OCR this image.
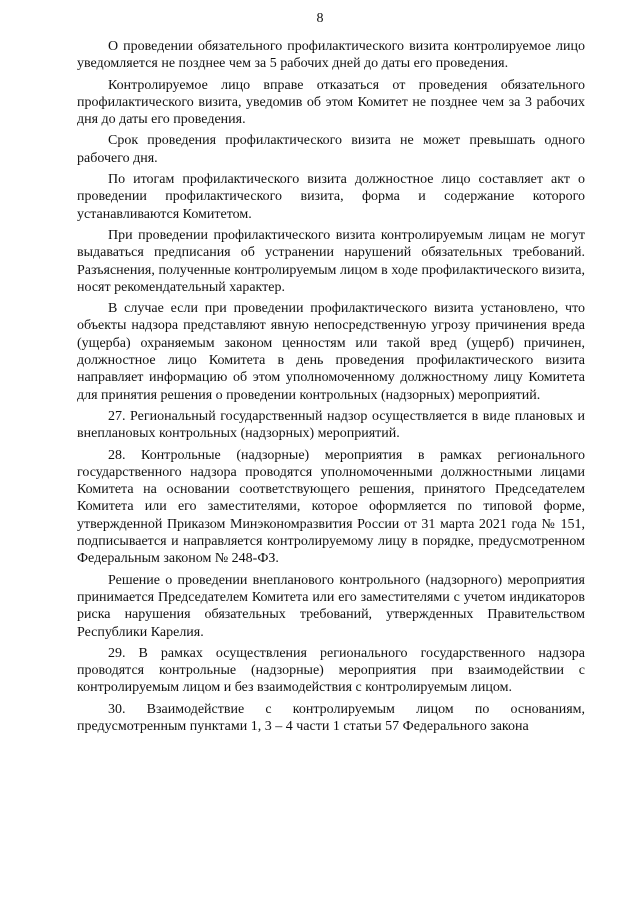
8

О проведении обязательного профилактического визита контролируемое лицо уведомляется не позднее чем за 5 рабочих дней до даты его проведения.

Контролируемое лицо вправе отказаться от проведения обязательного профилактического визита, уведомив об этом Комитет не позднее чем за 3 рабочих дня до даты его проведения.

Срок проведения профилактического визита не может превышать одного рабочего дня.

По итогам профилактического визита должностное лицо составляет акт о проведении профилактического визита, форма и содержание которого устанавливаются Комитетом.

При проведении профилактического визита контролируемым лицам не могут выдаваться предписания об устранении нарушений обязательных требований. Разъяснения, полученные контролируемым лицом в ходе профилактического визита, носят рекомендательный характер.

В случае если при проведении профилактического визита установлено, что объекты надзора представляют явную непосредственную угрозу причинения вреда (ущерба) охраняемым законом ценностям или такой вред (ущерб) причинен, должностное лицо Комитета в день проведения профилактического визита направляет информацию об этом уполномоченному должностному лицу Комитета для принятия решения о проведении контрольных (надзорных) мероприятий.

27. Региональный государственный надзор осуществляется в виде плановых и внеплановых контрольных (надзорных) мероприятий.

28. Контрольные (надзорные) мероприятия в рамках регионального государственного надзора проводятся уполномоченными должностными лицами Комитета на основании соответствующего решения, принятого Председателем Комитета или его заместителями, которое оформляется по типовой форме, утвержденной Приказом Минэкономразвития России от 31 марта 2021 года № 151, подписывается и направляется контролируемому лицу в порядке, предусмотренном Федеральным законом № 248-ФЗ.

Решение о проведении внепланового контрольного (надзорного) мероприятия принимается Председателем Комитета или его заместителями с учетом индикаторов риска нарушения обязательных требований, утвержденных Правительством Республики Карелия.

29. В рамках осуществления регионального государственного надзора проводятся контрольные (надзорные) мероприятия при взаимодействии с контролируемым лицом и без взаимодействия с контролируемым лицом.

30. Взаимодействие с контролируемым лицом по основаниям, предусмотренным пунктами 1, 3 – 4 части 1 статьи 57 Федерального закона
